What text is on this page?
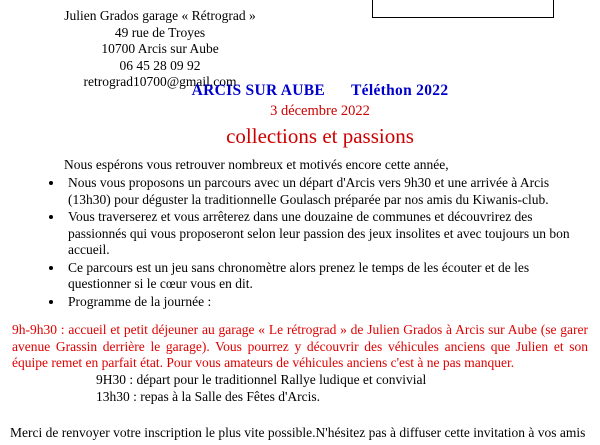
Julien Grados garage « Rétrograd »
49 rue de Troyes
10700 Arcis sur Aube
06 45 28 09 92
retrograd10700@gmail.com
ARCIS SUR AUBE Téléthon 2022
3 décembre 2022
collections et passions
Nous espérons vous retrouver nombreux et motivés encore cette année,
• Nous vous proposons un parcours avec un départ d'Arcis vers 9h30 et une arrivée à Arcis (13h30) pour déguster la traditionnelle Goulasch préparée par nos amis du Kiwanis-club.
• Vous traverserez et vous arrêterez dans une douzaine de communes et découvrirez des passionnés qui vous proposeront selon leur passion des jeux insolites et avec toujours un bon accueil.
• Ce parcours est un jeu sans chronomètre alors prenez le temps de les écouter et de les questionner si le cœur vous en dit.
• Programme de la journée :
9h-9h30 : accueil et petit déjeuner au garage « Le rétrograd » de Julien Grados à Arcis sur Aube (se garer avenue Grassin derrière le garage). Vous pourrez y découvrir des véhicules anciens que Julien et son équipe remet en parfait état. Pour vous amateurs de véhicules anciens c'est à ne pas manquer.
9H30 : départ pour le traditionnel Rallye ludique et convivial
13h30 : repas à la Salle des Fêtes d'Arcis.
Merci de renvoyer votre inscription le plus vite possible.N'hésitez pas à diffuser cette invitation à vos amis
